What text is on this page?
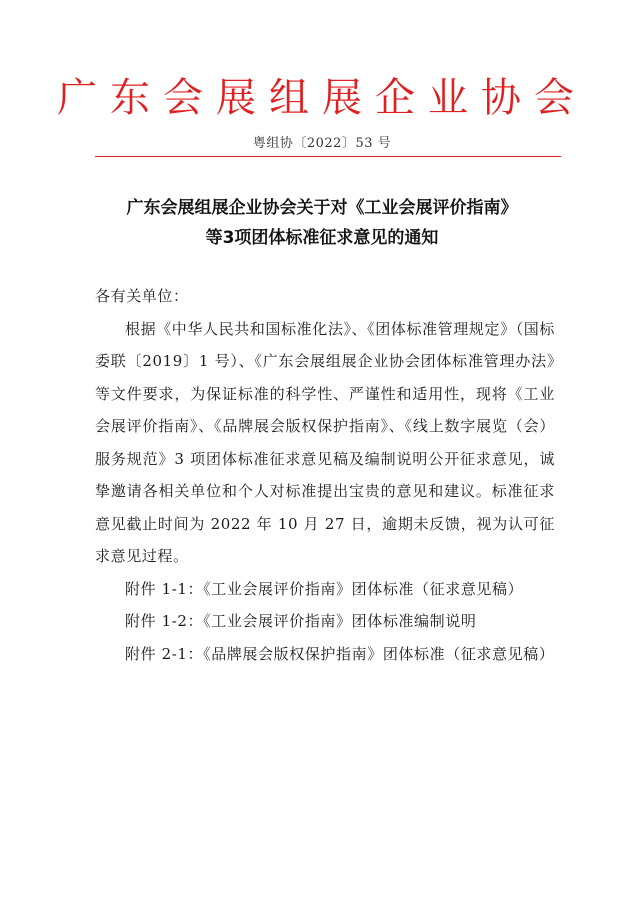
广东会展组展企业协会
粤组协〔2022〕53 号
广东会展组展企业协会关于对《工业会展评价指南》
等3项团体标准征求意见的通知

各有关单位：

根据《中华人民共和国标准化法》、《团体标准管理规定》（国标委联〔2019〕1 号）、《广东会展组展企业协会团体标准管理办法》等文件要求，为保证标准的科学性、严谨性和适用性，现将《工业会展评价指南》、《品牌展会版权保护指南》、《线上数字展览（会）服务规范》3 项团体标准征求意见稿及编制说明公开征求意见，诚挚邀请各相关单位和个人对标准提出宝贵的意见和建议。标准征求意见截止时间为 2022 年 10 月 27 日，逾期未反馈，视为认可征求意见过程。

附件 1-1：《工业会展评价指南》团体标准（征求意见稿）

附件 1-2：《工业会展评价指南》团体标准编制说明

附件 2-1：《品牌展会版权保护指南》团体标准（征求意见稿）
